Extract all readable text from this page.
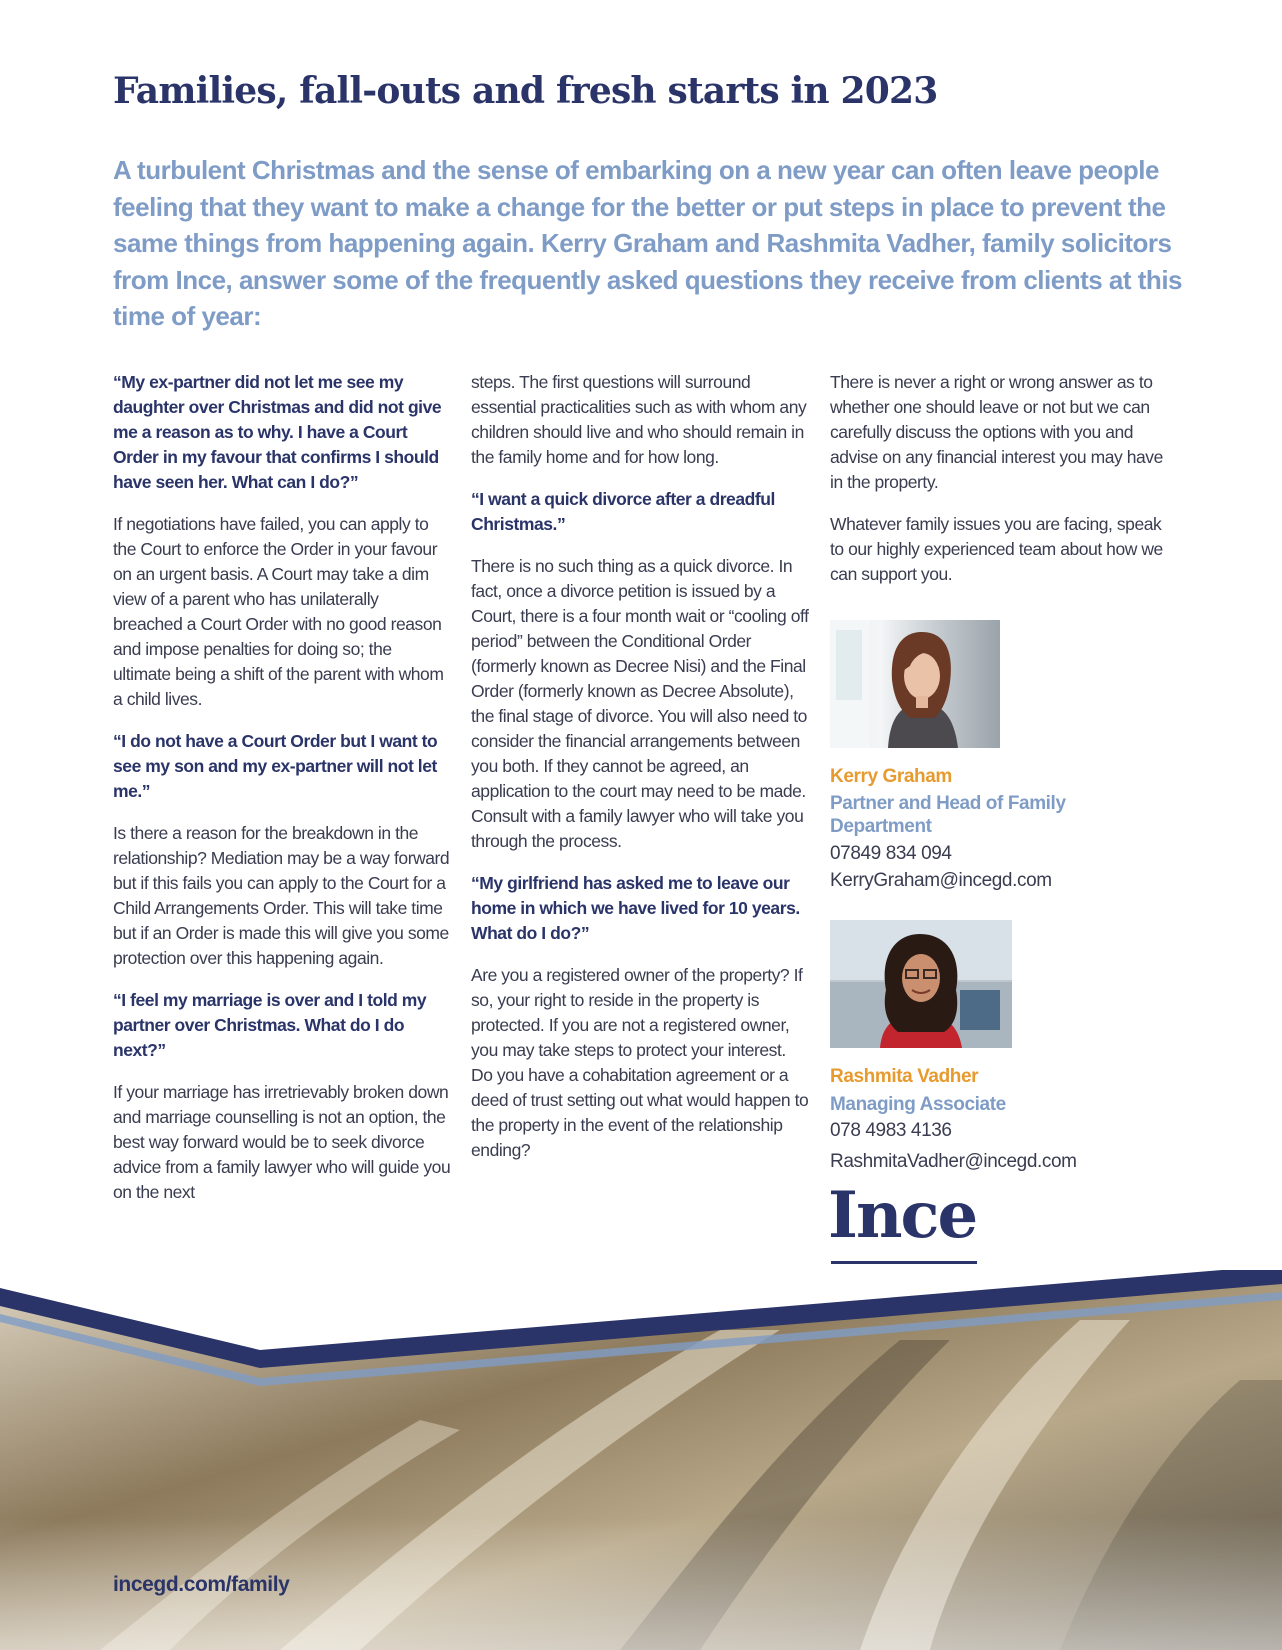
Families, fall-outs and fresh starts in 2023

A turbulent Christmas and the sense of embarking on a new year can often leave people feeling that they want to make a change for the better or put steps in place to prevent the same things from happening again. Kerry Graham and Rashmita Vadher, family solicitors from Ince, answer some of the frequently asked questions they receive from clients at this time of year:

“My ex-partner did not let me see my daughter over Christmas and did not give me a reason as to why. I have a Court Order in my favour that confirms I should have seen her. What can I do?”

If negotiations have failed, you can apply to the Court to enforce the Order in your favour on an urgent basis. A Court may take a dim view of a parent who has unilaterally breached a Court Order with no good reason and impose penalties for doing so; the ultimate being a shift of the parent with whom a child lives.

“I do not have a Court Order but I want to see my son and my ex-partner will not let me.”

Is there a reason for the breakdown in the relationship? Mediation may be a way forward but if this fails you can apply to the Court for a Child Arrangements Order. This will take time but if an Order is made this will give you some protection over this happening again.

“I feel my marriage is over and I told my partner over Christmas. What do I do next?”

If your marriage has irretrievably broken down and marriage counselling is not an option, the best way forward would be to seek divorce advice from a family lawyer who will guide you on the next

steps. The first questions will surround essential practicalities such as with whom any children should live and who should remain in the family home and for how long.

“I want a quick divorce after a dreadful Christmas.”

There is no such thing as a quick divorce. In fact, once a divorce petition is issued by a Court, there is a four month wait or “cooling off period” between the Conditional Order (formerly known as Decree Nisi) and the Final Order (formerly known as Decree Absolute), the final stage of divorce. You will also need to consider the financial arrangements between you both. If they cannot be agreed, an application to the court may need to be made. Consult with a family lawyer who will take you through the process.

“My girlfriend has asked me to leave our home in which we have lived for 10 years. What do I do?”

Are you a registered owner of the property? If so, your right to reside in the property is protected. If you are not a registered owner, you may take steps to protect your interest. Do you have a cohabitation agreement or a deed of trust setting out what would happen to the property in the event of the relationship ending?

There is never a right or wrong answer as to whether one should leave or not but we can carefully discuss the options with you and advise on any financial interest you may have in the property.

Whatever family issues you are facing, speak to our highly experienced team about how we can support you.

Kerry Graham
Partner and Head of Family Department
07849 834 094
KerryGraham@incegd.com
Rashmita Vadher
Managing Associate
078 4983 4136
RashmitaVadher@incegd.com
Ince
incegd.com/family
